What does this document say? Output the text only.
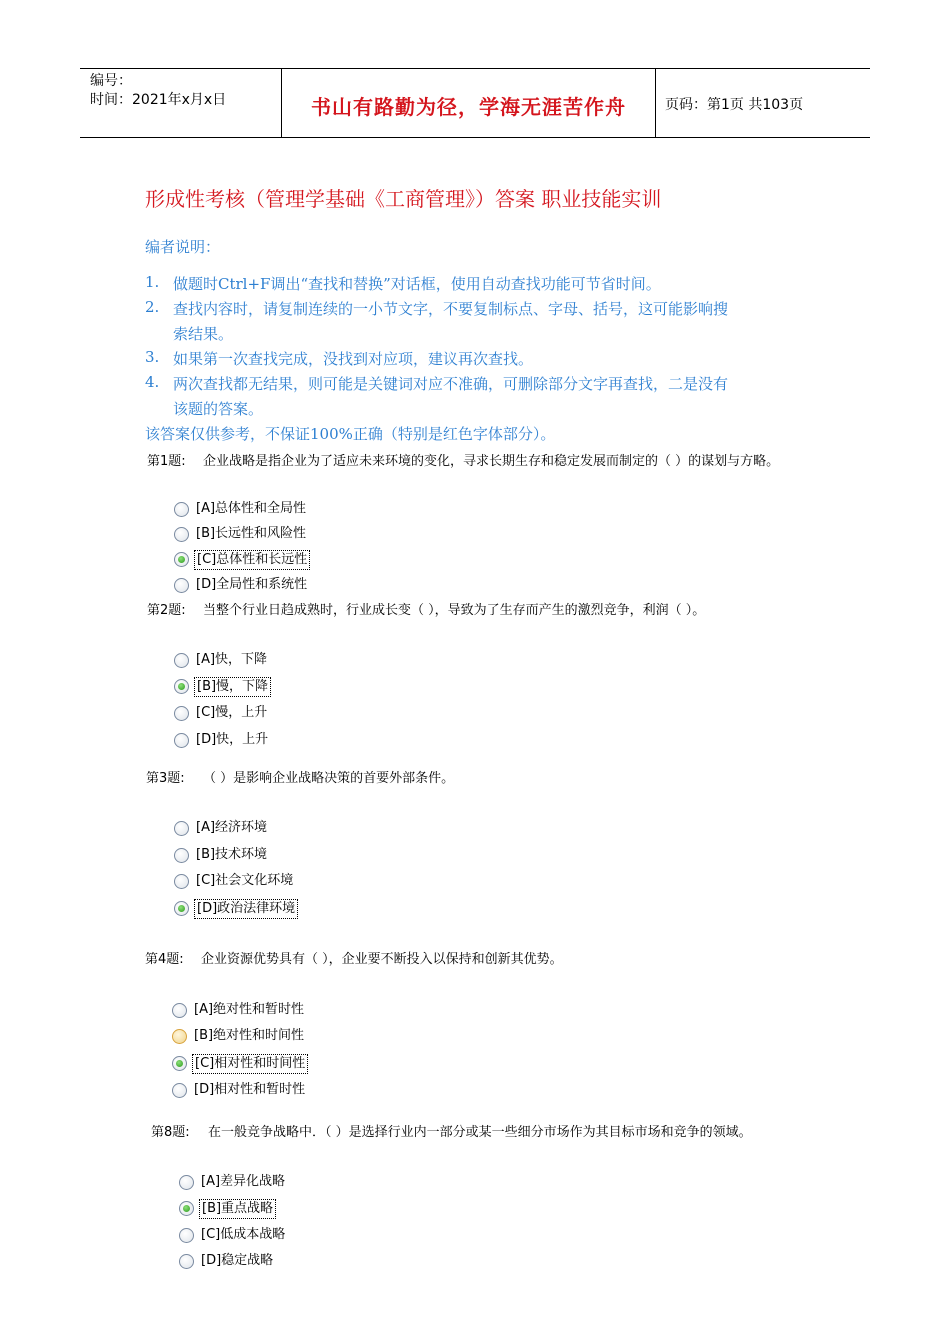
编号：
时间：2021年x月x日	书山有路勤为径，学海无涯苦作舟	页码：第1页 共103页
形成性考核（管理学基础《工商管理》）答案 职业技能实训
编者说明：
1. 做题时Ctrl+F调出“查找和替换”对话框，使用自动查找功能可节省时间。
2. 查找内容时，请复制连续的一小节文字，不要复制标点、字母、括号，这可能影响搜
索结果。
3. 如果第一次查找完成，没找到对应项，建议再次查找。
4. 两次查找都无结果，则可能是关键词对应不准确，可删除部分文字再查找，二是没有
该题的答案。
该答案仅供参考，不保证100%正确（特别是红色字体部分）。
第1题: 企业战略是指企业为了适应未来环境的变化，寻求长期生存和稳定发展而制定的（ ）的谋划与方略。
[A]总体性和全局性
[B]长远性和风险性
[C]总体性和长远性
[D]全局性和系统性
第2题: 当整个行业日趋成熟时，行业成长变（ ），导致为了生存而产生的激烈竞争，利润（ ）。
[A]快，下降
[B]慢，下降
[C]慢，上升
[D]快，上升
第3题: （ ）是影响企业战略决策的首要外部条件。
[A]经济环境
[B]技术环境
[C]社会文化环境
[D]政治法律环境
第4题: 企业资源优势具有（ ），企业要不断投入以保持和创新其优势。
[A]绝对性和暂时性
[B]绝对性和时间性
[C]相对性和时间性
[D]相对性和暂时性
第8题: 在一般竞争战略中．（ ）是选择行业内一部分或某一些细分市场作为其目标市场和竞争的领域。
[A]差异化战略
[B]重点战略
[C]低成本战略
[D]稳定战略
